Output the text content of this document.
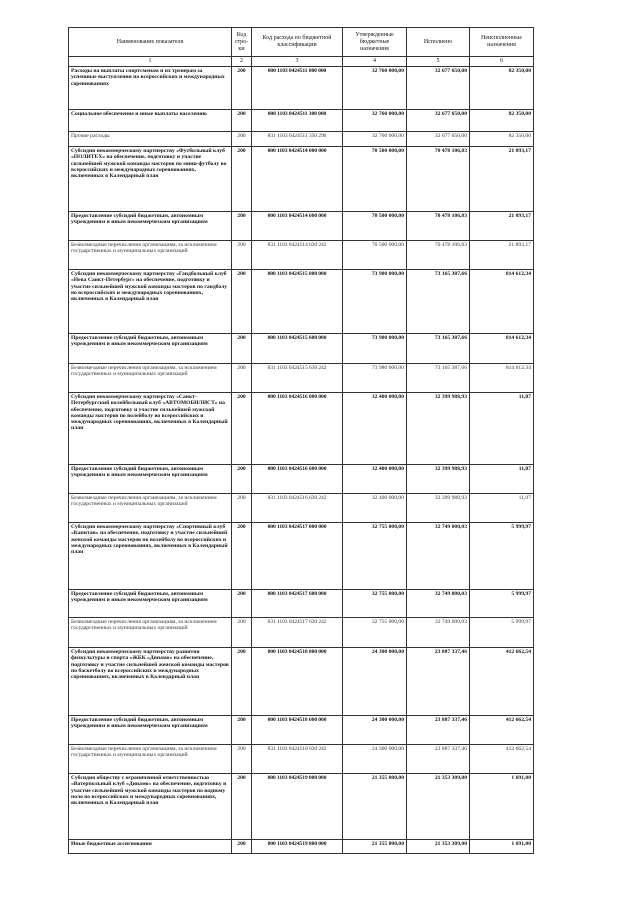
Наименование показателя	Код стро-ки	Код расхода по бюджетной классификации	Утвержденные бюджетные назначения	Исполнено	Неисполненные назначения
1	2	3	4	5	6
Расходы на выплаты спортсменам и их тренерам за успешные выступления на всероссийских и международных соревнованиях	200	000 1103 0424511 000 000	32 760 000,00	32 677 650,00	82 350,00
Социальное обеспечение и иные выплаты населению	200	000 1103 0424511 300 000	32 760 000,00	32 677 650,00	82 350,00
Прочие расходы	200	831 1103 0424511 350 290	32 760 000,00	32 677 650,00	82 350,00
Субсидия некоммерческому партнерству «Футбольный клуб «ПОЛИТЕХ» на обеспечение, подготовку и участие сильнейшей мужской команды мастеров по мини-футболу во всероссийских и международных соревнованиях, включенных в Календарный план	200	000 1103 0424514 000 000	70 500 000,00	70 478 106,83	21 893,17
Предоставление субсидий бюджетным, автономным учреждениям и иным некоммерческим организациям	200	000 1103 0424514 600 000	70 500 000,00	70 478 106,83	21 893,17
Безвозмездные перечисления организациям, за исключением государственных и муниципальных организаций	200	831 1103 0424514 630 242	70 500 000,00	70 478 106,83	21 893,17
Субсидия некоммерческому партнерству «Гандбольный клуб «Нева Санкт-Петербург» на обеспечение, подготовку и участие сильнейшей мужской команды мастеров по гандболу во всероссийских и международных соревнованиях, включенных в Календарный план	200	000 1103 0424515 000 000	73 980 000,00	73 165 387,66	814 612,34
Предоставление субсидий бюджетным, автономным учреждениям и иным некоммерческим организациям	200	000 1103 0424515 600 000	73 980 000,00	73 165 387,66	814 612,34
Безвозмездные перечисления организациям, за исключением государственных и муниципальных организаций	200	831 1103 0424515 630 242	73 980 000,00	73 165 387,66	814 612,34
Субсидия некоммерческому партнерству «Санкт-Петербургский волейбольный клуб «АВТОМОБИЛИСТ» на обеспечение, подготовку и участие сильнейшей мужской команды мастеров по волейболу во всероссийских и международных соревнованиях, включенных в Календарный план	200	000 1103 0424516 000 000	32 400 000,00	32 399 988,93	11,07
Предоставление субсидий бюджетным, автономным учреждениям и иным некоммерческим организациям	200	000 1103 0424516 600 000	32 400 000,00	32 399 988,93	11,07
Безвозмездные перечисления организациям, за исключением государственных и муниципальных организаций	200	831 1103 0424516 630 242	32 400 000,00	32 399 988,93	11,07
Субсидия некоммерческому партнерству «Спортивный клуб «Капитан» на обеспечение, подготовку и участие сильнейшей женской команды мастеров по волейболу во всероссийских и международных соревнованиях, включенных в Календарный план	200	000 1103 0424517 000 000	32 755 000,00	32 749 000,03	5 999,97
Предоставление субсидий бюджетным, автономным учреждениям и иным некоммерческим организациям	200	000 1103 0424517 600 000	32 755 000,00	32 749 000,03	5 999,97
Безвозмездные перечисления организациям, за исключением государственных и муниципальных организаций	200	831 1103 0424517 630 242	32 755 000,00	32 749 000,03	5 999,97
Субсидия некоммерческому партнерству развития физкультуры и спорта «ЖБК «Динамо» на обеспечение, подготовку и участие сильнейшей женской команды мастеров по баскетболу во всероссийских и международных соревнованиях, включенных в Календарный план	200	000 1103 0424518 000 000	24 300 000,00	23 887 337,46	412 662,54
Предоставление субсидий бюджетным, автономным учреждениям и иным некоммерческим организациям	200	000 1103 0424518 600 000	24 300 000,00	23 887 337,46	412 662,54
Безвозмездные перечисления организациям, за исключением государственных и муниципальных организаций	200	831 1103 0424518 630 242	24 300 000,00	23 887 337,46	412 662,54
Субсидия обществу с ограниченной ответственностью «Ватерпольный клуб «Динамо» на обеспечение, подготовку и участие сильнейшей мужской команды мастеров по водному поло во всероссийских и международных соревнованиях, включенных в Календарный план	200	000 1103 0424519 000 000	21 355 000,00	21 353 309,00	1 691,00
Иные бюджетные ассигнования	200	000 1103 0424519 800 000	21 355 000,00	21 353 309,00	1 691,00
